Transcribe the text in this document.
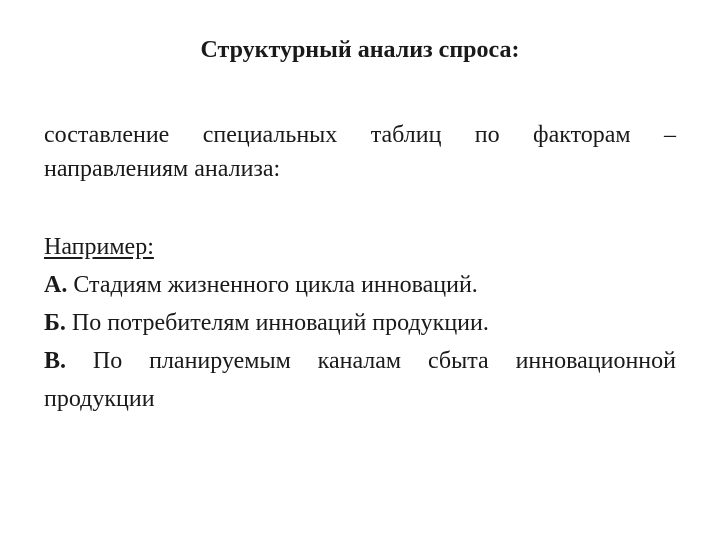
Структурный анализ спроса:
составление специальных таблиц по факторам – направлениям анализа:
Например:
А. Стадиям жизненного цикла инноваций.
Б. По потребителям инноваций продукции.
В. По планируемым каналам сбыта инновационной продукции
